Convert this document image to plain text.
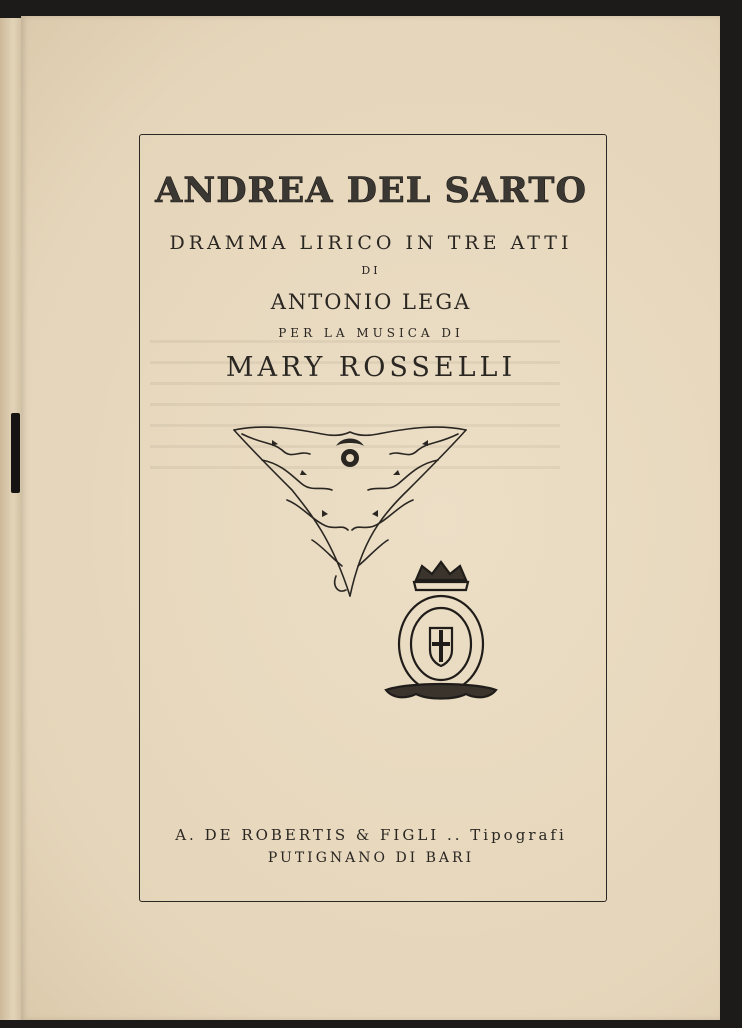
ANDREA DEL SARTO
DRAMMA LIRICO IN TRE ATTI
DI
ANTONIO LEGA
PER LA MUSICA DI
MARY ROSSELLI
A. DE ROBERTIS & FIGLI .. Tipografi
PUTIGNANO DI BARI
